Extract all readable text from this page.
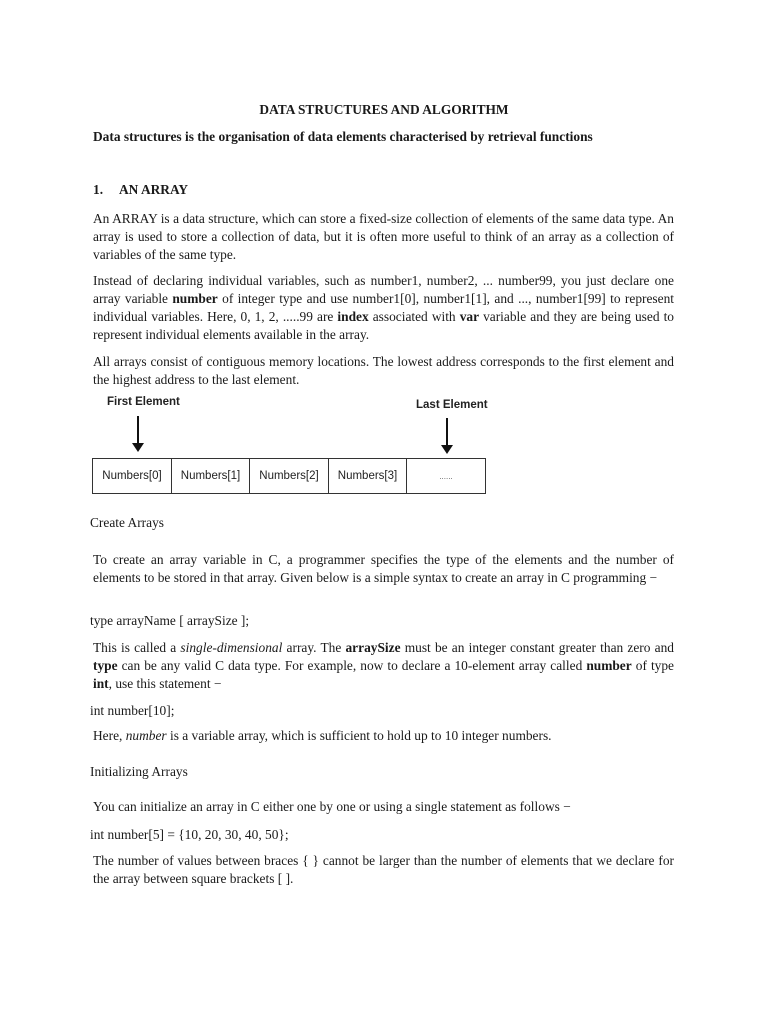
DATA STRUCTURES AND ALGORITHM
Data structures is the organisation of data elements characterised by retrieval functions
1. AN ARRAY
An ARRAY is a data structure, which can store a fixed-size collection of elements of the same data type. An array is used to store a collection of data, but it is often more useful to think of an array as a collection of variables of the same type.
Instead of declaring individual variables, such as number1, number2, ... number99, you just declare one array variable number of integer type and use number1[0], number1[1], and ..., number1[99] to represent individual variables. Here, 0, 1, 2, .....99 are index associated with var variable and they are being used to represent individual elements available in the array.
All arrays consist of contiguous memory locations. The lowest address corresponds to the first element and the highest address to the last element.
First Element	Last Element
Numbers[0]	Numbers[1]	Numbers[2]	Numbers[3]	......
Create Arrays
To create an array variable in C, a programmer specifies the type of the elements and the number of elements to be stored in that array. Given below is a simple syntax to create an array in C programming −
type arrayName [ arraySize ];
This is called a single-dimensional array. The arraySize must be an integer constant greater than zero and type can be any valid C data type. For example, now to declare a 10-element array called number of type int, use this statement −
int number[10];
Here, number is a variable array, which is sufficient to hold up to 10 integer numbers.
Initializing Arrays
You can initialize an array in C either one by one or using a single statement as follows −
int number[5] = {10, 20, 30, 40, 50};
The number of values between braces { } cannot be larger than the number of elements that we declare for the array between square brackets [ ].
